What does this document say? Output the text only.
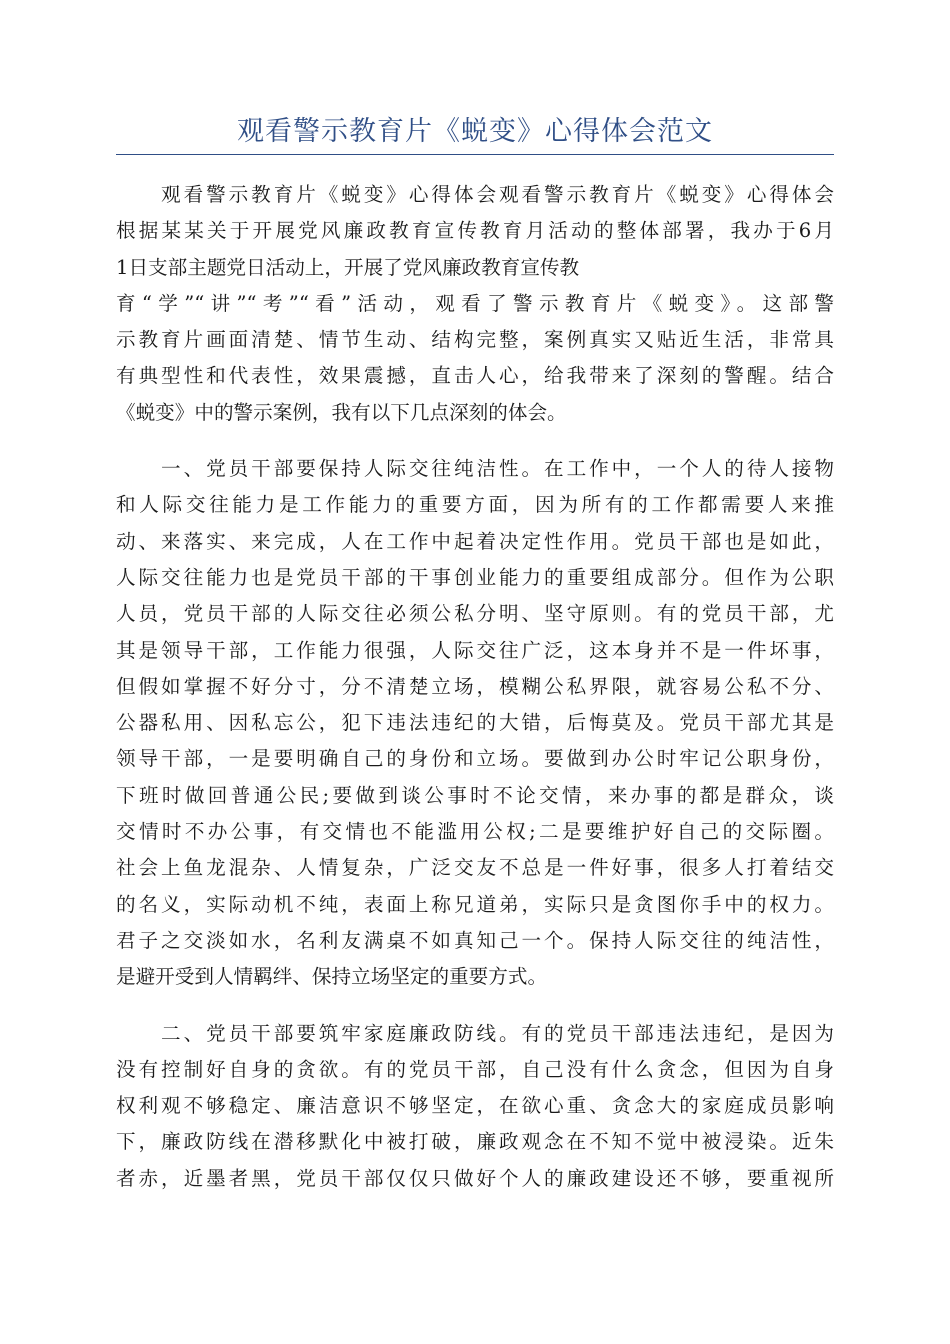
观看警示教育片《蜕变》心得体会范文
　　观看警示教育片《蜕变》心得体会观看警示教育片《蜕变》心得体会
根据某某关于开展党风廉政教育宣传教育月活动的整体部署，我办于6月
1日支部主题党日活动上，开展了党风廉政教育宣传教
育“学”“讲”“考”“看”活动，观看了警示教育片《蜕变》。这部警
示教育片画面清楚、情节生动、结构完整，案例真实又贴近生活，非常具
有典型性和代表性，效果震撼，直击人心，给我带来了深刻的警醒。结合
《蜕变》中的警示案例，我有以下几点深刻的体会。
　　一、党员干部要保持人际交往纯洁性。在工作中，一个人的待人接物
和人际交往能力是工作能力的重要方面，因为所有的工作都需要人来推
动、来落实、来完成，人在工作中起着决定性作用。党员干部也是如此，
人际交往能力也是党员干部的干事创业能力的重要组成部分。但作为公职
人员，党员干部的人际交往必须公私分明、坚守原则。有的党员干部，尤
其是领导干部，工作能力很强，人际交往广泛，这本身并不是一件坏事，
但假如掌握不好分寸，分不清楚立场，模糊公私界限，就容易公私不分、
公器私用、因私忘公，犯下违法违纪的大错，后悔莫及。党员干部尤其是
领导干部，一是要明确自己的身份和立场。要做到办公时牢记公职身份，
下班时做回普通公民;要做到谈公事时不论交情，来办事的都是群众，谈
交情时不办公事，有交情也不能滥用公权;二是要维护好自己的交际圈。
社会上鱼龙混杂、人情复杂，广泛交友不总是一件好事，很多人打着结交
的名义，实际动机不纯，表面上称兄道弟，实际只是贪图你手中的权力。
君子之交淡如水，名利友满桌不如真知己一个。保持人际交往的纯洁性，
是避开受到人情羁绊、保持立场坚定的重要方式。
　　二、党员干部要筑牢家庭廉政防线。有的党员干部违法违纪，是因为
没有控制好自身的贪欲。有的党员干部，自己没有什么贪念，但因为自身
权利观不够稳定、廉洁意识不够坚定，在欲心重、贪念大的家庭成员影响
下，廉政防线在潜移默化中被打破，廉政观念在不知不觉中被浸染。近朱
者赤，近墨者黑，党员干部仅仅只做好个人的廉政建设还不够，要重视所
